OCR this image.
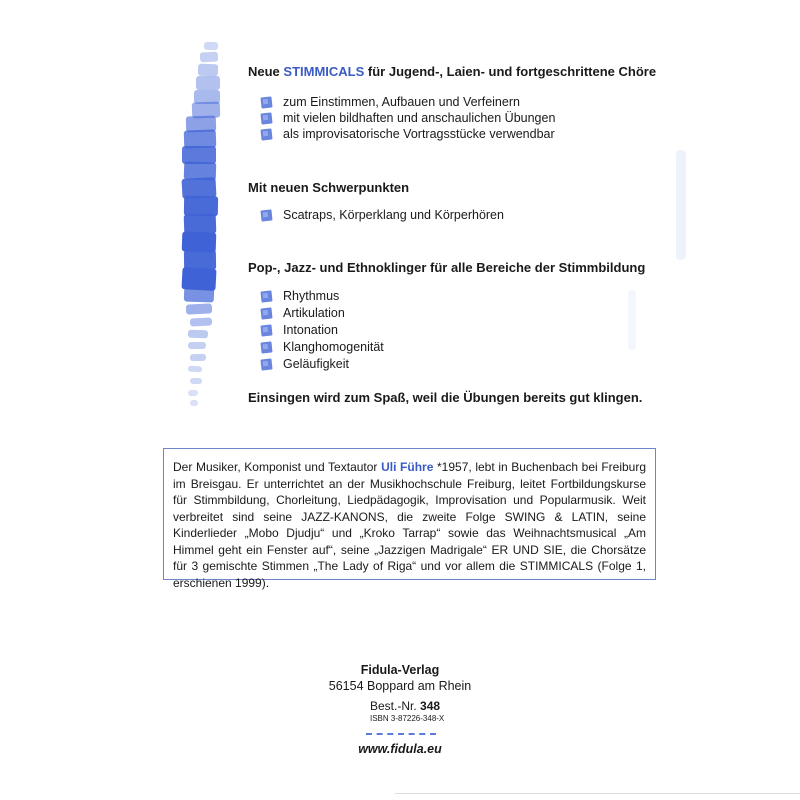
Neue STIMMICALS für Jugend-, Laien- und fortgeschrittene Chöre
zum Einstimmen, Aufbauen und Verfeinern
mit vielen bildhaften und anschaulichen Übungen
als improvisatorische Vortragsstücke verwendbar
Mit neuen Schwerpunkten
Scatraps, Körperklang und Körperhören
Pop-, Jazz- und Ethnoklinger für alle Bereiche der Stimmbildung
Rhythmus
Artikulation
Intonation
Klanghomogenität
Geläufigkeit
Einsingen wird zum Spaß, weil die Übungen bereits gut klingen.

Der Musiker, Komponist und Textautor Uli Führe *1957, lebt in Buchenbach bei Freiburg im Breisgau. Er unterrichtet an der Musikhochschule Freiburg, leitet Fortbildungskurse für Stimmbildung, Chorleitung, Liedpädagogik, Improvisation und Popularmusik. Weit verbreitet sind seine JAZZ-KANONS, die zweite Folge SWING & LATIN, seine Kinderlieder „Mobo Djudju“ und „Kroko Tarrap“ sowie das Weihnachtsmusical „Am Himmel geht ein Fenster auf“, seine „Jazzigen Madrigale“ ER UND SIE, die Chorsätze für 3 gemischte Stimmen „The Lady of Riga“ und vor allem die STIMMICALS (Folge 1, erschienen 1999).

Fidula-Verlag
56154 Boppard am Rhein
Best.-Nr. 348
ISBN 3-87226-348-X
www.fidula.eu
